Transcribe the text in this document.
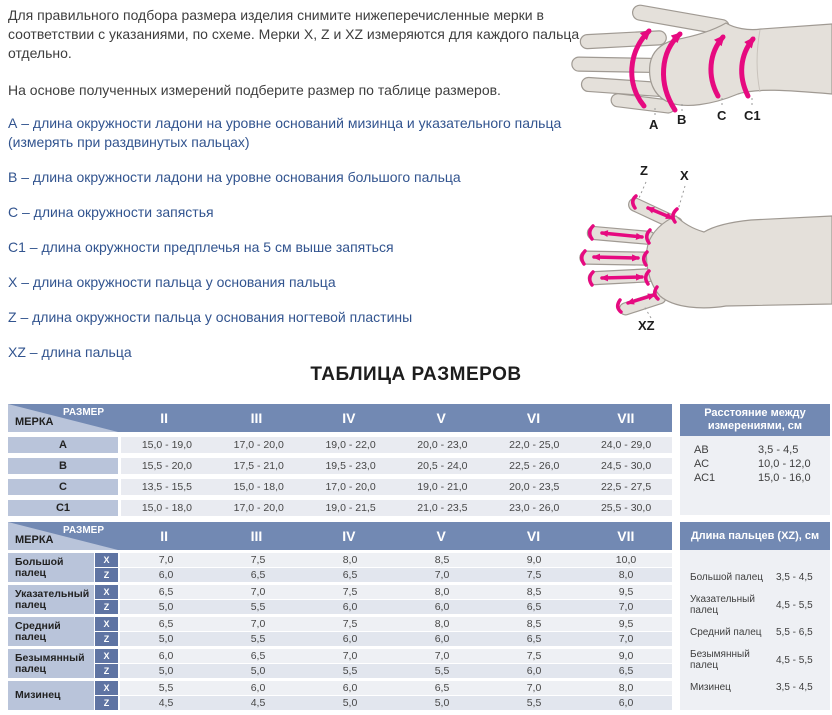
Для правильного подбора размера изделия снимите нижеперечисленные мерки в соответствии с указаниями, по схеме. Мерки X, Z и XZ измеряются для каждого пальца отдельно.

На основе полученных измерений подберите размер по таблице размеров.

А – длина окружности ладони на уровне оснований мизинца и указательного пальца (измерять при раздвинутых пальцах)

В – длина окружности ладони на уровне основания большого пальца

С – длина окружности запястья

С1 – длина окружности предплечья на 5 см выше запяться

X – длина окружности пальца у основания пальца

Z – длина окружности пальца у основания ногтевой пластины

XZ – длина пальца

A B C C1
Z X
XZ
ТАБЛИЦА РАЗМЕРОВ
РАЗМЕР
МЕРКА	II	III	IV	V	VI	VII
А	15,0 - 19,0	17,0 - 20,0	19,0 - 22,0	20,0 - 23,0	22,0 - 25,0	24,0 - 29,0
В	15,5 - 20,0	17,5 - 21,0	19,5 - 23,0	20,5 - 24,0	22,5 - 26,0	24,5 - 30,0
С	13,5 - 15,5	15,0 - 18,0	17,0 - 20,0	19,0 - 21,0	20,0 - 23,5	22,5 - 27,5
С1	15,0 - 18,0	17,0 - 20,0	19,0 - 21,5	21,0 - 23,5	23,0 - 26,0	25,5 - 30,0
Расстояние между измерениями, см
АВ	3,5 - 4,5
АС	10,0 - 12,0
АС1	15,0 - 16,0
РАЗМЕР
МЕРКА	II	III	IV	V	VI	VII
Большой палец
X	7,0	7,5	8,0	8,5	9,0	10,0
Z	6,0	6,5	6,5	7,0	7,5	8,0
Указательный палец
X	6,5	7,0	7,5	8,0	8,5	9,5
Z	5,0	5,5	6,0	6,0	6,5	7,0
Средний палец
X	6,5	7,0	7,5	8,0	8,5	9,5
Z	5,0	5,5	6,0	6,0	6,5	7,0
Безымянный палец
X	6,0	6,5	7,0	7,0	7,5	9,0
Z	5,0	5,0	5,5	5,5	6,0	6,5
Мизинец
X	5,5	6,0	6,0	6,5	7,0	8,0
Z	4,5	4,5	5,0	5,0	5,5	6,0
Длина пальцев (XZ), см
Большой палец	3,5 - 4,5
Указательный палец	4,5 - 5,5
Средний палец	5,5 - 6,5
Безымянный палец	4,5 - 5,5
Мизинец	3,5 - 4,5
